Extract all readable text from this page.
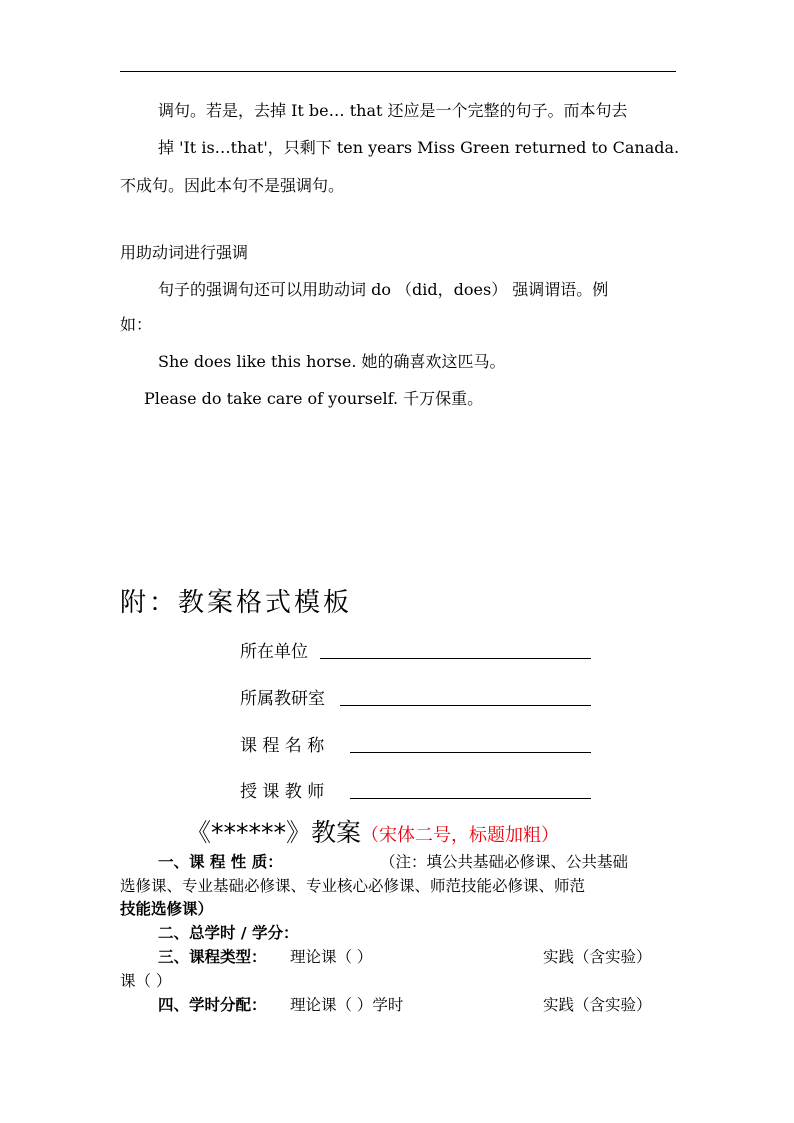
调句。若是，去掉 It be… that 还应是一个完整的句子。而本句去
掉 'It is…that'，只剩下 ten years Miss Green returned to Canada.
不成句。因此本句不是强调句。
用助动词进行强调
句子的强调句还可以用助动词 do （did，does） 强调谓语。例
如：
She does like this horse. 她的确喜欢这匹马。
Please do take care of yourself. 千万保重。
附：教案格式模板
所在单位
所属教研室
课 程 名 称
授 课 教 师
《******》教案（宋体二号，标题加粗）
一、课 程 性 质：	（注：填公共基础必修课、公共基础
选修课、专业基础必修课、专业核心必修课、师范技能必修课、师范
技能选修课）
二、总学时 / 学分：
三、课程类型： 理论课（ ）	实践（含实验）
课（ ）
四、学时分配： 理论课（ ）学时	实践（含实验）
